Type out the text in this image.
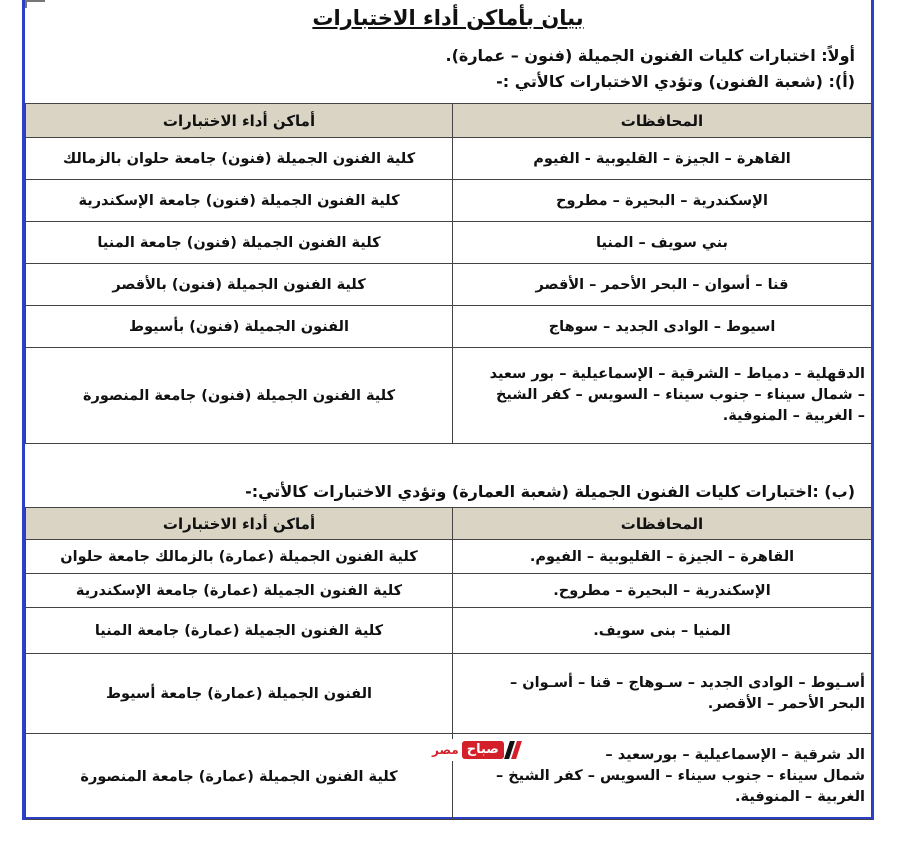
بيان بأماكن أداء الاختبارات
أولاً: اختبارات كليات الفنون الجميلة (فنون – عمارة).
(أ): (شعبة الفنون) وتؤدي الاختبارات كالأتي :-
المحافظات	أماكن أداء الاختبارات
القاهرة – الجيزة – القليوبية - الفيوم	كلية الفنون الجميلة (فنون) جامعة حلوان بالزمالك
الإسكندرية – البحيرة – مطروح	كلية الفنون الجميلة (فنون) جامعة الإسكندرية
بني سويف – المنيا	كلية الفنون الجميلة (فنون) جامعة المنيا
قنا – أسوان – البحر الأحمر – الأقصر	كلية الفنون الجميلة (فنون) بالأقصر
اسيوط – الوادى الجديد – سوهاج	الفنون الجميلة (فنون) بأسيوط

الدقهلية – دمياط – الشرقية – الإسماعيلية – بور سعيد
– شمال سيناء – جنوب سيناء – السويس – كفر الشيخ
– الغربية – المنوفية.	كلية الفنون الجميلة (فنون) جامعة المنصورة
(ب) :اختبارات كليات الفنون الجميلة (شعبة العمارة) وتؤدي الاختبارات كالأتي:-
المحافظات	أماكن أداء الاختبارات
القاهرة – الجيزة – القليوبية – الفيوم.	كلية الفنون الجميلة (عمارة) بالزمالك جامعة حلوان
الإسكندرية – البحيرة – مطروح.	كلية الفنون الجميلة (عمارة) جامعة الإسكندرية
المنيا – بنى سويف.	كلية الفنون الجميلة (عمارة) جامعة المنيا

أسـيوط – الوادى الجديد – سـوهاج – قنا – أسـوان –
البحر الأحمر – الأقصر.	الفنون الجميلة (عمارة) جامعة أسيوط

الد شرقية – الإسماعيلية – بورسعيد –
شمال سيناء – جنوب سيناء – السويس – كفر الشيخ –
الغربية – المنوفية.	كلية الفنون الجميلة (عمارة) جامعة المنصورة
مصر صباح
